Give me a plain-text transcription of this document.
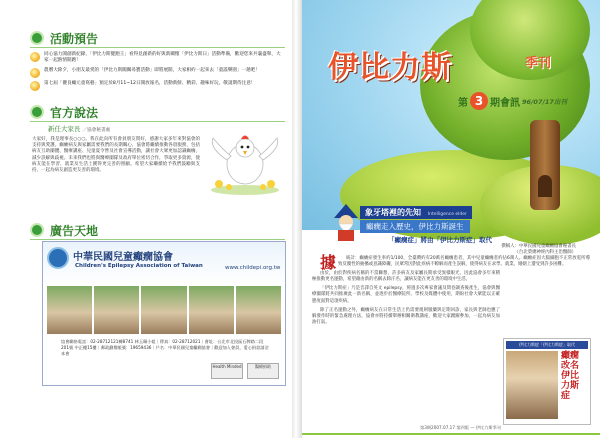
活動預告
同心協力開創新紀錄，「伊比力斯健跑王」看得見創新的好與新關懷「伊比力斯日」活動準備，歡迎您來共襄盛舉，大家一起熱情開跑！
農曆大除夕，小朋友最愛的「伊比力斯闖關尋寶活動」即將展開，大家相約一起來去「童謠樂園」一趟吧！
第七屆「優良癲元童寫藝」預定於8月11~12日開放報名，活動新鮮、精彩、趣味好玩，敬請期待注意！
官方說法
新任大家長 ／協會秘書處
大家好，我是理事長○○○。我在此向所有會員朋友問好，感謝大家多年來對協會的支持與愛護。癲癇病友與家屬需要我們的長期關心，協會將繼續推動各項服務，包括病友互助團體、醫療講座、兒童夏令營及社會宣導活動，讓社會大眾更加認識癲癇，減少誤解與歧視。未來我們也將與醫療團隊及政府單位密切合作，爭取更多資源，使病友能在學習、就業及生活上獲得更完善的照顧。希望大家繼續給予我們鼓勵與支持，一起為病友創造更友善的環境。
廣告天地
中華民國兒童癲癇協會
Children's Epilepsy Association of Taiwan	www.childepi.org.tw
協會聯絡電話：02-28712121轉8741 林玉珮小姐｜傳真：02-28712021｜會址：台北市北投區石牌路二段201號 中正樓15樓｜郵政劃撥帳號：19659436｜戶名：中華民國兒童癲癇協會｜歡迎加入會員，愛心捐款請洽本會
Health Minded	醫療捐助
伊比力斯	季刊
第 3 期會訊 96/07/17出刊
象牙塔裡的先知 Intelligence elder
癲癇走入歷史，伊比力斯誕生
「癲癇症」將由「伊比力斯症」取代
撰稿人：中華民國兒童癲癇協會秘書長
（台北榮總神經內科主治醫師）

據 統計：癲癇症發生率約1/100，全臺灣約有20萬名癲癇患者，其中兒童癲癇者約佔6萬人。癲癇症因大腦細胞不正常放電所導致反覆性的抽搐或意識障礙，民眾常因對此疾病不瞭解而產生誤解，使得病友在求學、就業、婚姻上遭受到許多困難。

由於，由於對疾病名稱的不當聯想，許多病友及家屬長期承受異樣眼光，因此協會多年來積極推動更名運動，希望藉由新的名稱去除汙名，讓病友能在更友善的環境中生活。

「伊比力斯症」乃是音譯自英文 epilepsy，經過多次專家會議及問卷調查後產生，協會與醫療團隊將共同推廣此一新名稱，並逐步於醫療院所、學校及媒體中使用，期盼社會大眾能以正確態度面對這項疾病。

除了正名運動之外，癲癇病友在日常生活上仍需要規則服藥與定期回診，家長與老師也應了解發作時的緊急處理方法，協會亦將持續舉辦相關衛教講座，歡迎大家踴躍參加，一起為病友加油打氣。

伊比力斯症「伊比力斯症」取代
癲癇改名伊比力斯症
第3期2007.07.17 第四版 — 伊比力斯季刊
